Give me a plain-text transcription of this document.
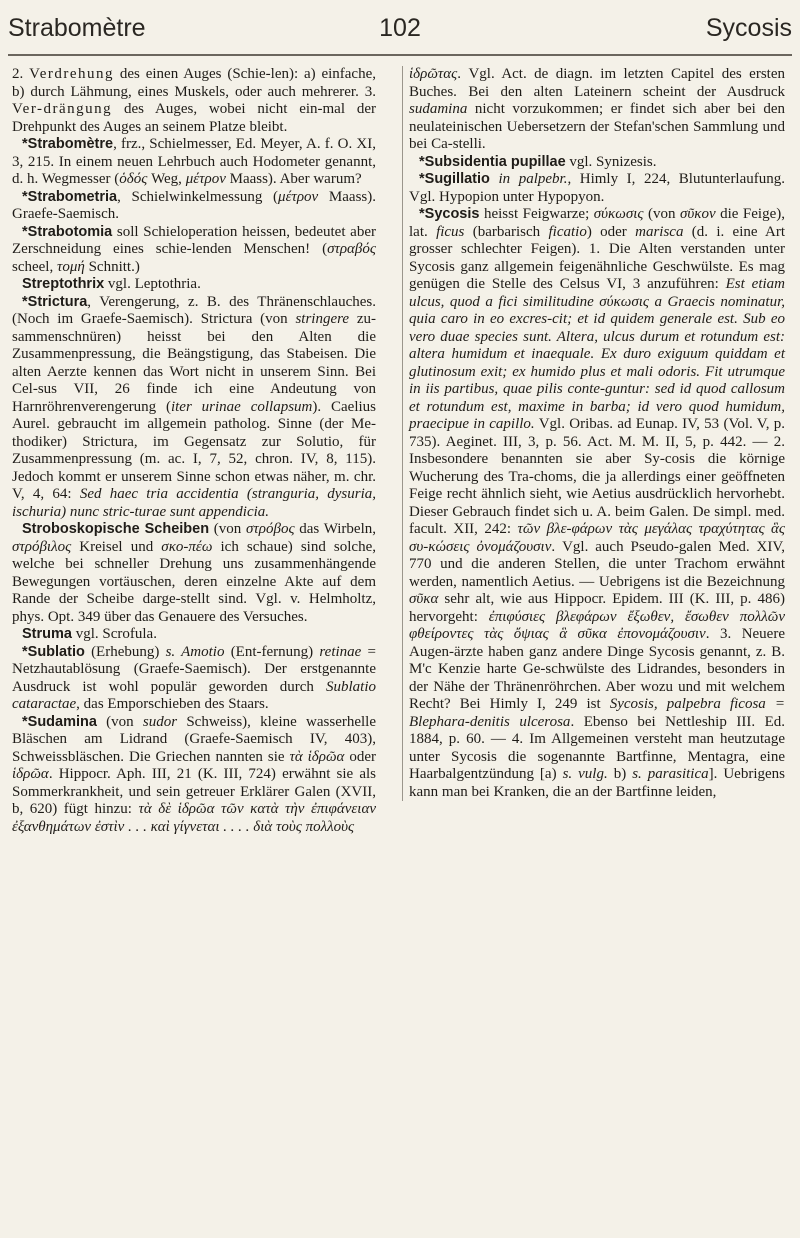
Strabomètre	102	Sycosis

2. Verdrehung des einen Auges (Schie-len): a) einfache, b) durch Lähmung, eines Muskels, oder auch mehrerer. 3. Ver-drängung des Auges, wobei nicht ein-mal der Drehpunkt des Auges an seinem Platze bleibt.

*Strabomètre, frz., Schielmesser, Ed. Meyer, A. f. O. XI, 3, 215. In einem neuen Lehrbuch auch Hodometer genannt, d. h. Wegmesser (ὁδός Weg, μέτρον Maass). Aber warum?

*Strabometria, Schielwinkelmessung (μέτρον Maass). Graefe-Saemisch.

*Strabotomia soll Schieloperation heissen, bedeutet aber Zerschneidung eines schie-lenden Menschen! (στραβός scheel, τομή Schnitt.)

Streptothrix vgl. Leptothria.

*Strictura, Verengerung, z. B. des Thränenschlauches. (Noch im Graefe-Saemisch). Strictura (von stringere zu-sammenschnüren) heisst bei den Alten die Zusammenpressung, die Beängstigung, das Stabeisen. Die alten Aerzte kennen das Wort nicht in unserem Sinn. Bei Cel-sus VII, 26 finde ich eine Andeutung von Harnröhrenverengerung (iter urinae collapsum). Caelius Aurel. gebraucht im allgemein patholog. Sinne (der Me-thodiker) Strictura, im Gegensatz zur Solutio, für Zusammenpressung (m. ac. I, 7, 52, chron. IV, 8, 115). Jedoch kommt er unserem Sinne schon etwas näher, m. chr. V, 4, 64: Sed haec tria accidentia (stranguria, dysuria, ischuria) nunc stric-turae sunt appendicia.

Stroboskopische Scheiben (von στρόβος das Wirbeln, στρόβιλος Kreisel und σκο-πέω ich schaue) sind solche, welche bei schneller Drehung uns zusammenhängende Bewegungen vortäuschen, deren einzelne Akte auf dem Rande der Scheibe darge-stellt sind. Vgl. v. Helmholtz, phys. Opt. 349 über das Genauere des Versuches.

Struma vgl. Scrofula.

*Sublatio (Erhebung) s. Amotio (Ent-fernung) retinae = Netzhautablösung (Graefe-Saemisch). Der erstgenannte Ausdruck ist wohl populär geworden durch Sublatio cataractae, das Emporschieben des Staars.

*Sudamina (von sudor Schweiss), kleine wasserhelle Bläschen am Lidrand (Graefe-Saemisch IV, 403), Schweissbläschen. Die Griechen nannten sie τὰ ἱδρῶα oder ἱδρῶα. Hippocr. Aph. III, 21 (K. III, 724) erwähnt sie als Sommerkrankheit, und sein getreuer Erklärer Galen (XVII, b, 620) fügt hinzu: τὰ δὲ ἱδρῶα τῶν κατὰ τὴν ἐπιφάνειαν ἐξανθημάτων ἐστὶν . . . καὶ γίγνεται . . . . διὰ τοὺς πολλοὺς

ἱδρῶτας. Vgl. Act. de diagn. im letzten Capitel des ersten Buches. Bei den alten Lateinern scheint der Ausdruck sudamina nicht vorzukommen; er findet sich aber bei den neulateinischen Uebersetzern der Stefan'schen Sammlung und bei Ca-stelli.

*Subsidentia pupillae vgl. Synizesis.

*Sugillatio in palpebr., Himly I, 224, Blutunterlaufung. Vgl. Hypopion unter Hypopyon.

*Sycosis heisst Feigwarze; σύκωσις (von σῦκον die Feige), lat. ficus (barbarisch ficatio) oder marisca (d. i. eine Art grosser schlechter Feigen). 1. Die Alten verstanden unter Sycosis ganz allgemein feigenähnliche Geschwülste. Es mag genügen die Stelle des Celsus VI, 3 anzuführen: Est etiam ulcus, quod a fici similitudine σύκωσις a Graecis nominatur, quia caro in eo excres-cit; et id quidem generale est. Sub eo vero duae species sunt. Altera, ulcus durum et rotundum est: altera humidum et inaequale. Ex duro exiguum quiddam et glutinosum exit; ex humido plus et mali odoris. Fit utrumque in iis partibus, quae pilis conte-guntur: sed id quod callosum et rotundum est, maxime in barba; id vero quod humidum, praecipue in capillo. Vgl. Oribas. ad Eunap. IV, 53 (Vol. V, p. 735). Aeginet. III, 3, p. 56. Act. M. M. II, 5, p. 442. — 2. Insbesondere benannten sie aber Sy-cosis die körnige Wucherung des Tra-choms, die ja allerdings einer geöffneten Feige recht ähnlich sieht, wie Aetius ausdrücklich hervorhebt. Dieser Gebrauch findet sich u. A. beim Galen. De simpl. med. facult. XII, 242: τῶν βλε-φάρων τὰς μεγάλας τραχύτητας ἃς συ-κώσεις ὀνομάζουσιν. Vgl. auch Pseudo-galen Med. XIV, 770 und die anderen Stellen, die unter Trachom erwähnt werden, namentlich Aetius. — Uebrigens ist die Bezeichnung σῦκα sehr alt, wie aus Hippocr. Epidem. III (K. III, p. 486) hervorgeht: ἐπιφύσιες βλεφάρων ἔξωθεν, ἔσωθεν πολλῶν φθείροντες τὰς ὄψιας ἃ σῦκα ἐπονομάζουσιν. 3. Neuere Augen-ärzte haben ganz andere Dinge Sycosis genannt, z. B. M'c Kenzie harte Ge-schwülste des Lidrandes, besonders in der Nähe der Thränenröhrchen. Aber wozu und mit welchem Recht? Bei Himly I, 249 ist Sycosis, palpebra ficosa = Blephara-denitis ulcerosa. Ebenso bei Nettleship III. Ed. 1884, p. 60. — 4. Im Allgemeinen versteht man heutzutage unter Sycosis die sogenannte Bartfinne, Mentagra, eine Haarbalgentzündung [a) s. vulg. b) s. parasitica]. Uebrigens kann man bei Kranken, die an der Bartfinne leiden,
